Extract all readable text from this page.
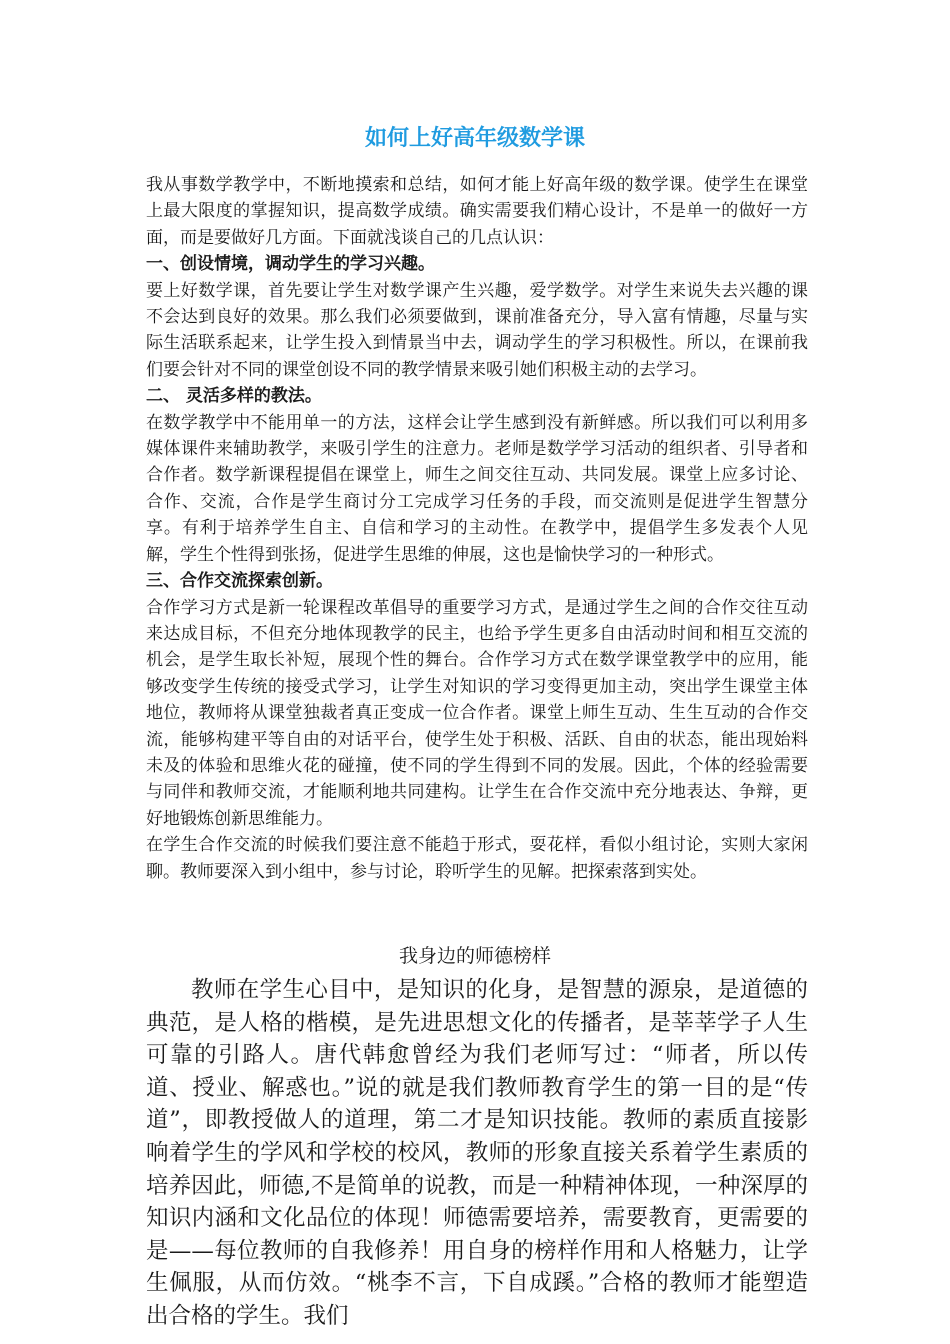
如何上好高年级数学课

我从事数学教学中，不断地摸索和总结，如何才能上好高年级的数学课。使学生在课堂上最大限度的掌握知识，提高数学成绩。确实需要我们精心设计，不是单一的做好一方面，而是要做好几方面。下面就浅谈自己的几点认识：

一、创设情境，调动学生的学习兴趣。

要上好数学课，首先要让学生对数学课产生兴趣，爱学数学。对学生来说失去兴趣的课不会达到良好的效果。那么我们必须要做到，课前准备充分，导入富有情趣，尽量与实际生活联系起来，让学生投入到情景当中去，调动学生的学习积极性。所以，在课前我们要会针对不同的课堂创设不同的教学情景来吸引她们积极主动的去学习。

二、 灵活多样的教法。

在数学教学中不能用单一的方法，这样会让学生感到没有新鲜感。所以我们可以利用多媒体课件来辅助教学，来吸引学生的注意力。老师是数学学习活动的组织者、引导者和合作者。数学新课程提倡在课堂上，师生之间交往互动、共同发展。课堂上应多讨论、合作、交流，合作是学生商讨分工完成学习任务的手段，而交流则是促进学生智慧分享。有利于培养学生自主、自信和学习的主动性。在教学中，提倡学生多发表个人见解，学生个性得到张扬，促进学生思维的伸展，这也是愉快学习的一种形式。

三、合作交流探索创新。

合作学习方式是新一轮课程改革倡导的重要学习方式，是通过学生之间的合作交往互动来达成目标，不但充分地体现教学的民主，也给予学生更多自由活动时间和相互交流的机会，是学生取长补短，展现个性的舞台。合作学习方式在数学课堂教学中的应用，能够改变学生传统的接受式学习，让学生对知识的学习变得更加主动，突出学生课堂主体地位，教师将从课堂独裁者真正变成一位合作者。课堂上师生互动、生生互动的合作交流，能够构建平等自由的对话平台，使学生处于积极、活跃、自由的状态，能出现始料未及的体验和思维火花的碰撞，使不同的学生得到不同的发展。因此，个体的经验需要与同伴和教师交流，才能顺利地共同建构。让学生在合作交流中充分地表达、争辩，更好地锻炼创新思维能力。

在学生合作交流的时候我们要注意不能趋于形式，耍花样，看似小组讨论，实则大家闲聊。教师要深入到小组中，参与讨论，聆听学生的见解。把探索落到实处。

我身边的师德榜样

教师在学生心目中，是知识的化身，是智慧的源泉，是道德的典范，是人格的楷模，是先进思想文化的传播者，是莘莘学子人生可靠的引路人。唐代韩愈曾经为我们老师写过：“师者，所以传道、授业、解惑也。”说的就是我们教师教育学生的第一目的是“传道”，即教授做人的道理，第二才是知识技能。教师的素质直接影响着学生的学风和学校的校风，教师的形象直接关系着学生素质的培养因此，师德,不是简单的说教，而是一种精神体现，一种深厚的知识内涵和文化品位的体现！师德需要培养，需要教育，更需要的是——每位教师的自我修养！用自身的榜样作用和人格魅力，让学生佩服，从而仿效。“桃李不言，下自成蹊。”合格的教师才能塑造出合格的学生。我们
